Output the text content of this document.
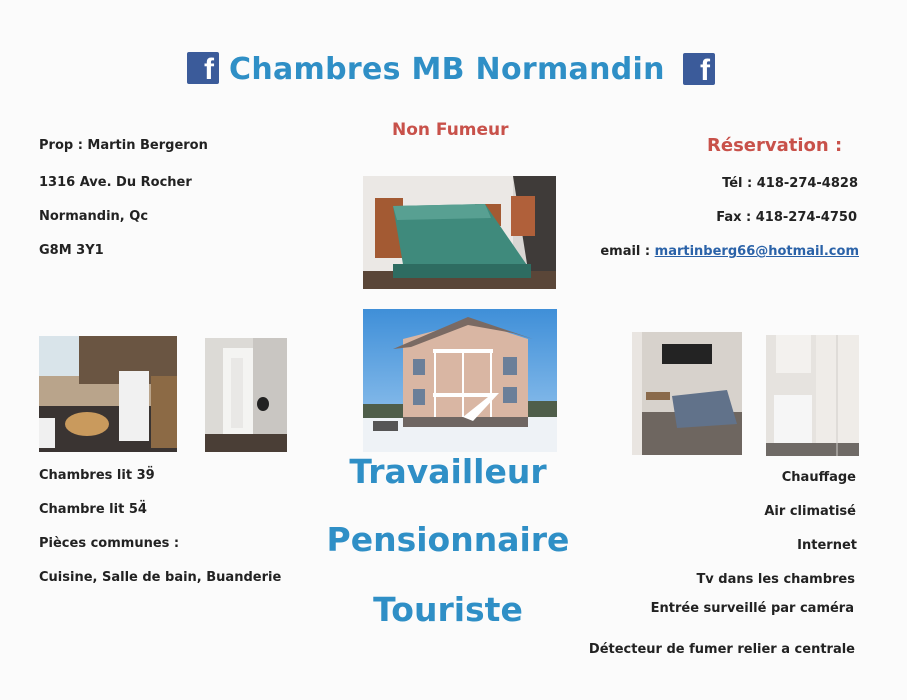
f Chambres MB Normandin	f
Non Fumeur
Prop : Martin Bergeron
1316 Ave. Du Rocher
Normandin, Qc
G8M 3Y1
Réservation :
Tél : 418-274-4828
Fax : 418-274-4750
email : martinberg66@hotmail.com
Chambres lit 39̈
Chambre lit 54̈
Pièces communes :
Cuisine, Salle de bain, Buanderie
Travailleur
Pensionnaire
Touriste
Chauffage
Air climatisé
Internet
Tv dans les chambres
Entrée surveillé par caméra
Détecteur de fumer relier a centrale
